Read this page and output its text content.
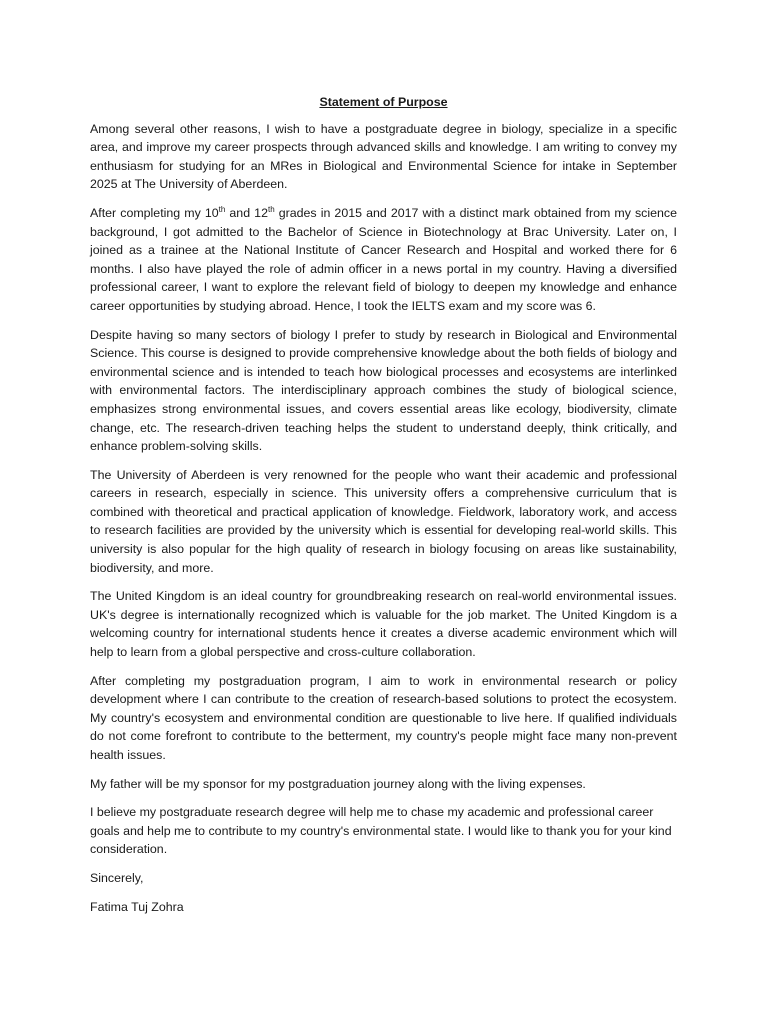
Statement of Purpose

Among several other reasons, I wish to have a postgraduate degree in biology, specialize in a specific area, and improve my career prospects through advanced skills and knowledge. I am writing to convey my enthusiasm for studying for an MRes in Biological and Environmental Science for intake in September 2025 at The University of Aberdeen.

After completing my 10th and 12th grades in 2015 and 2017 with a distinct mark obtained from my science background, I got admitted to the Bachelor of Science in Biotechnology at Brac University. Later on, I joined as a trainee at the National Institute of Cancer Research and Hospital and worked there for 6 months. I also have played the role of admin officer in a news portal in my country. Having a diversified professional career, I want to explore the relevant field of biology to deepen my knowledge and enhance career opportunities by studying abroad. Hence, I took the IELTS exam and my score was 6.

Despite having so many sectors of biology I prefer to study by research in Biological and Environmental Science. This course is designed to provide comprehensive knowledge about the both fields of biology and environmental science and is intended to teach how biological processes and ecosystems are interlinked with environmental factors. The interdisciplinary approach combines the study of biological science, emphasizes strong environmental issues, and covers essential areas like ecology, biodiversity, climate change, etc. The research-driven teaching helps the student to understand deeply, think critically, and enhance problem-solving skills.

The University of Aberdeen is very renowned for the people who want their academic and professional careers in research, especially in science. This university offers a comprehensive curriculum that is combined with theoretical and practical application of knowledge. Fieldwork, laboratory work, and access to research facilities are provided by the university which is essential for developing real-world skills. This university is also popular for the high quality of research in biology focusing on areas like sustainability, biodiversity, and more.

The United Kingdom is an ideal country for groundbreaking research on real-world environmental issues. UK's degree is internationally recognized which is valuable for the job market. The United Kingdom is a welcoming country for international students hence it creates a diverse academic environment which will help to learn from a global perspective and cross-culture collaboration.

After completing my postgraduation program, I aim to work in environmental research or policy development where I can contribute to the creation of research-based solutions to protect the ecosystem. My country's ecosystem and environmental condition are questionable to live here. If qualified individuals do not come forefront to contribute to the betterment, my country's people might face many non-prevent health issues.

My father will be my sponsor for my postgraduation journey along with the living expenses.

I believe my postgraduate research degree will help me to chase my academic and professional career goals and help me to contribute to my country's environmental state. I would like to thank you for your kind consideration.

Sincerely,

Fatima Tuj Zohra
